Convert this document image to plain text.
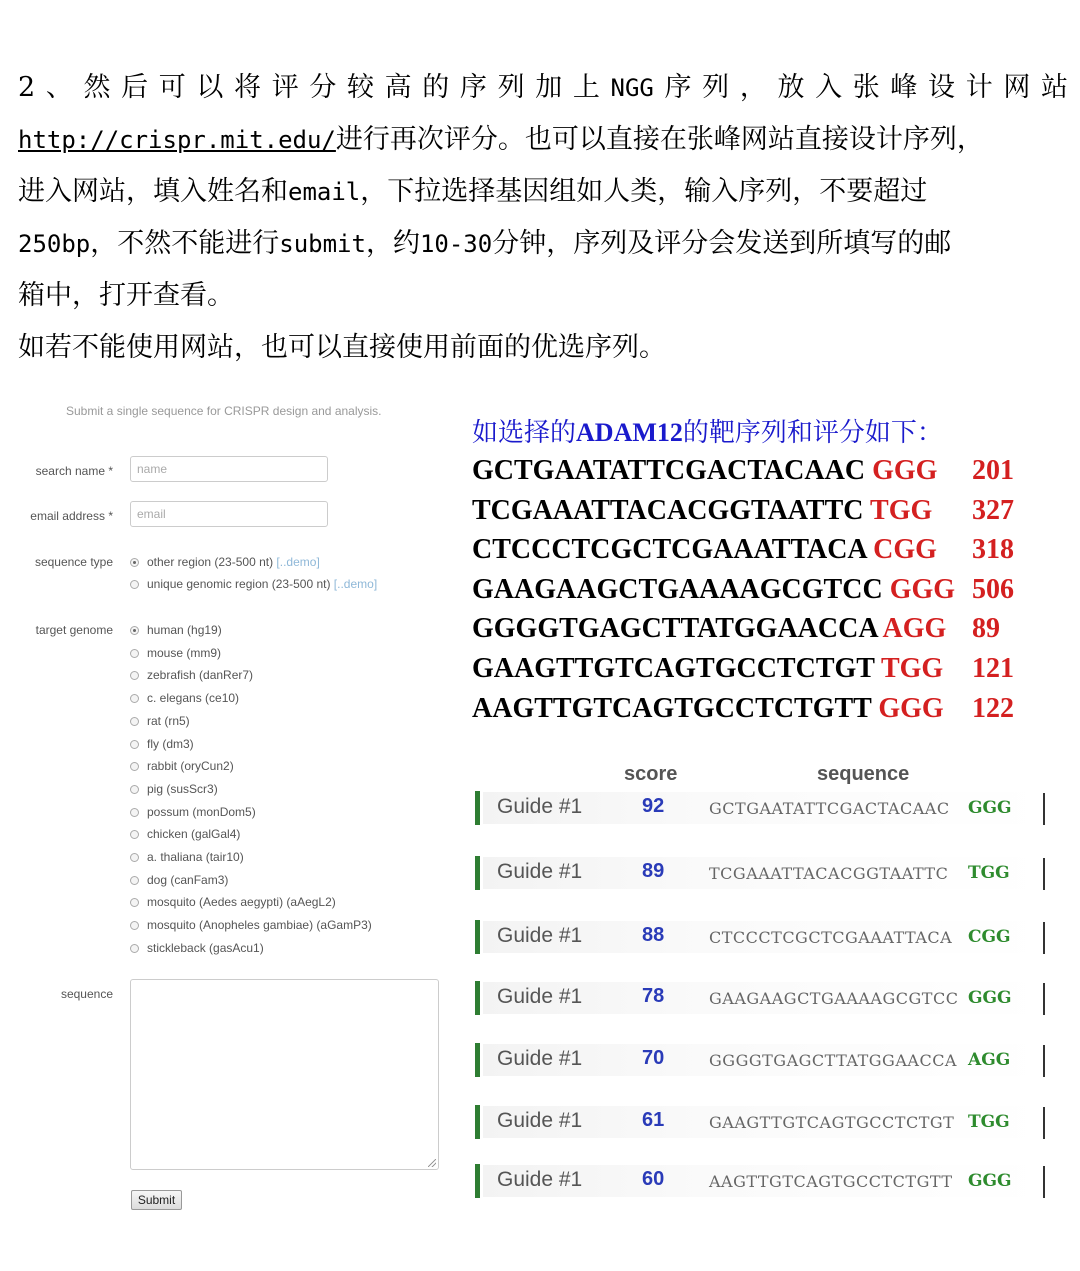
2、然后可以将评分较高的序列加上NGG序列，放入张峰设计网站
http://crispr.mit.edu/进行再次评分。也可以直接在张峰网站直接设计序列，
进入网站，填入姓名和email，下拉选择基因组如人类，输入序列，不要超过
250bp，不然不能进行submit，约10-30分钟，序列及评分会发送到所填写的邮
箱中，打开查看。
如若不能使用网站，也可以直接使用前面的优选序列。
Submit a single sequence for CRISPR design and analysis.
search name *	name
email address *	email
sequence type	other region (23-500 nt) [..demo]
unique genomic region (23-500 nt) [..demo]
target genome	human (hg19)
mouse (mm9)
zebrafish (danRer7)
c. elegans (ce10)
rat (rn5)
fly (dm3)
rabbit (oryCun2)
pig (susScr3)
possum (monDom5)
chicken (galGal4)
a. thaliana (tair10)
dog (canFam3)
mosquito (Aedes aegypti) (aAegL2)
mosquito (Anopheles gambiae) (aGamP3)
stickleback (gasAcu1)
sequence
Submit
如选择的ADAM12的靶序列和评分如下：
GCTGAATATTCGACTACAAC GGG 201
TCGAAATTACACGGTAATTC TGG 327
CTCCCTCGCTCGAAATTACA CGG 318
GAAGAAGCTGAAAAGCGTCC GGG 506
GGGGTGAGCTTATGGAACCA AGG 89
GAAGTTGTCAGTGCCTCTGT TGG 121
AAGTTGTCAGTGCCTCTGTT GGG 122
score	sequence
Guide #1	92	GCTGAATATTCGACTACAAC GGG
Guide #1	89	TCGAAATTACACGGTAATTC TGG
Guide #1	88	CTCCCTCGCTCGAAATTACA CGG
Guide #1	78	GAAGAAGCTGAAAAGCGTCC GGG
Guide #1	70	GGGGTGAGCTTATGGAACCA AGG
Guide #1	61	GAAGTTGTCAGTGCCTCTGT TGG
Guide #1	60	AAGTTGTCAGTGCCTCTGTT GGG
